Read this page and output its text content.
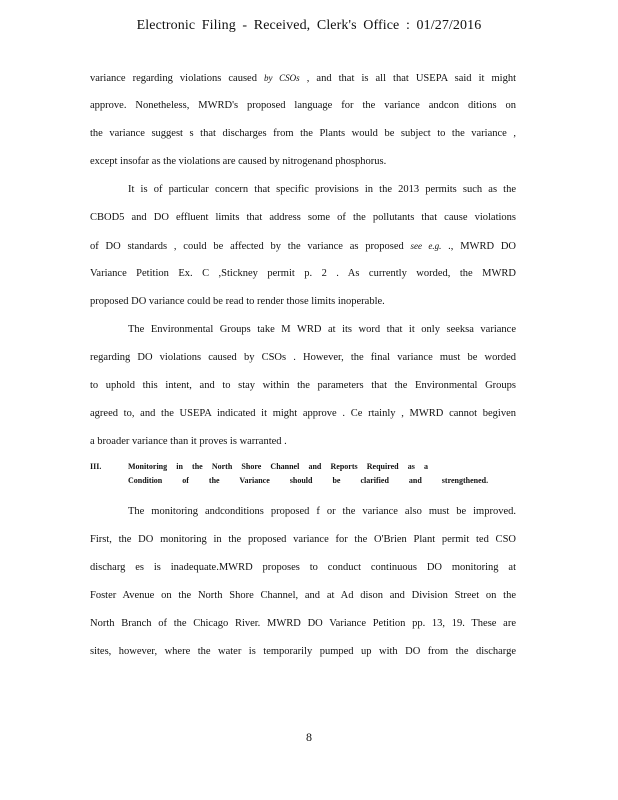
Electronic Filing - Received, Clerk's Office : 01/27/2016
variance regarding violations caused by CSOs , and that is all that USEPA said it might
approve. Nonetheless, MWRD's proposed language for the variance andcon ditions on
the variance suggest s that discharges from the Plants would be subject to the variance ,
except insofar as the violations are caused by nitrogenand phosphorus.
It is of particular concern that specific provisions in the 2013 permits such as the
CBOD5 and DO effluent limits that address some of the pollutants that cause violations
of DO standards , could be affected by the variance as proposed see e.g. ., MWRD DO
Variance Petition Ex. C ,Stickney permit p. 2 . As currently worded, the MWRD
proposed DO variance could be read to render those limits inoperable.
The Environmental Groups take M WRD at its word that it only seeksa variance
regarding DO violations caused by CSOs . However, the final variance must be worded
to uphold this intent, and to stay within the parameters that the Environmental Groups
agreed to, and the USEPA indicated it might approve . Ce rtainly , MWRD cannot begiven
a broader variance than it proves is warranted .
III.	Monitoring in the North Shore Channel and Reports Required as a
Condition of the Variance should be clarified and strengthened.
The monitoring andconditions proposed f or the variance also must be improved.
First, the DO monitoring in the proposed variance for the O'Brien Plant permit ted CSO
discharg es is inadequate.MWRD proposes to conduct continuous DO monitoring at
Foster Avenue on the North Shore Channel, and at Ad dison and Division Street on the
North Branch of the Chicago River. MWRD DO Variance Petition pp. 13, 19. These are
sites, however, where the water is temporarily pumped up with DO from the discharge
8
